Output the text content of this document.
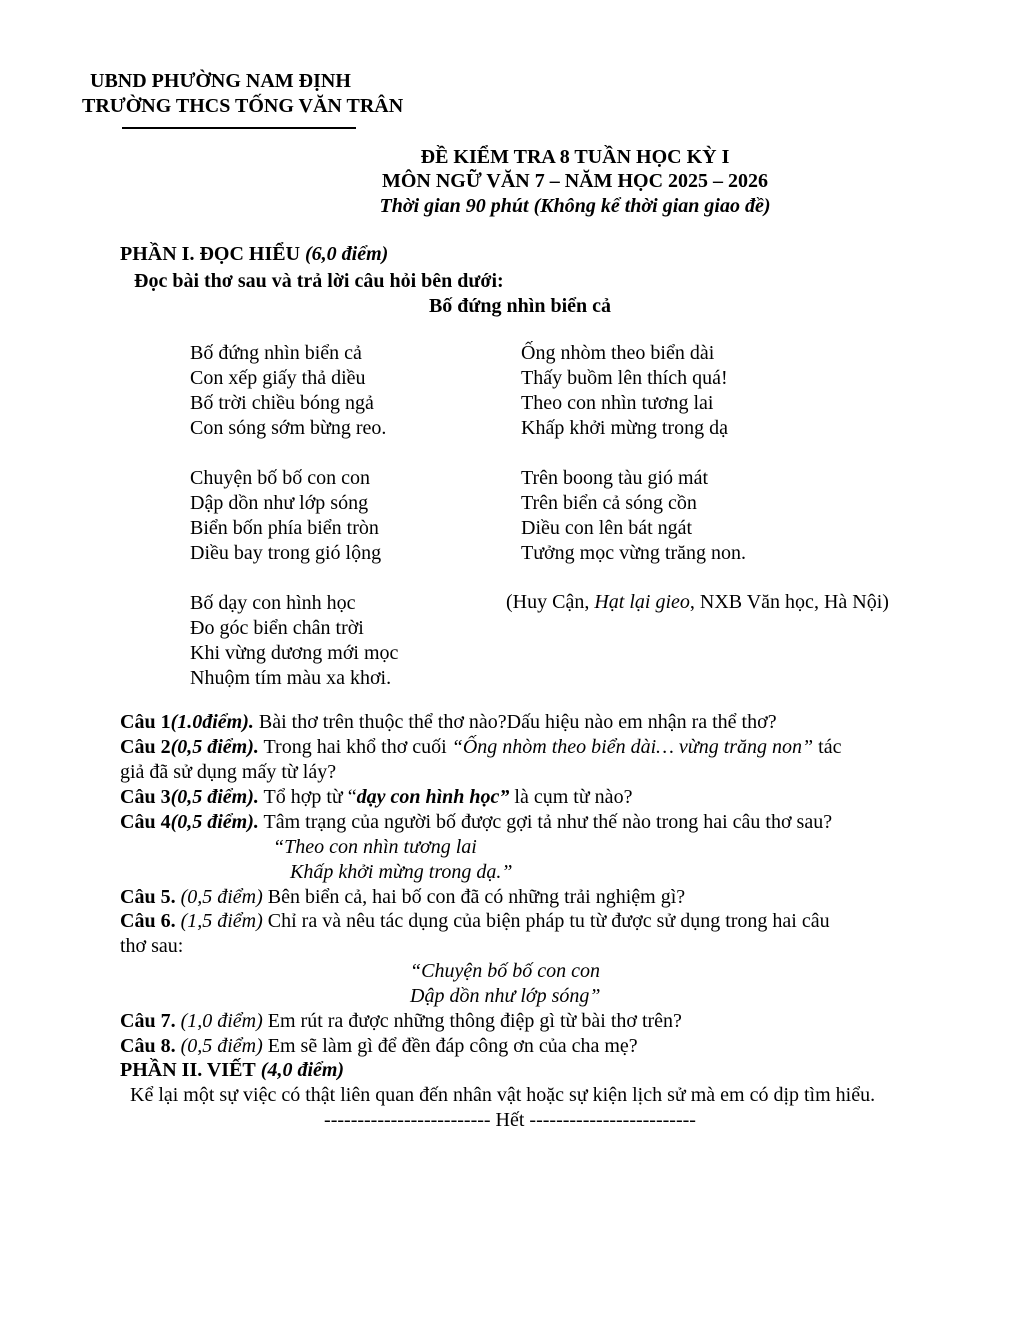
UBND PHƯỜNG NAM ĐỊNH
TRƯỜNG THCS TỐNG VĂN TRÂN
ĐỀ KIỂM TRA 8 TUẦN HỌC KỲ I
MÔN NGỮ VĂN 7 – NĂM HỌC 2025 – 2026
Thời gian 90 phút (Không kể thời gian giao đề)
PHẦN I. ĐỌC HIỂU (6,0 điểm)
Đọc bài thơ sau và trả lời câu hỏi bên dưới:
Bố đứng nhìn biển cả
Bố đứng nhìn biển cả
Con xếp giấy thả diều
Bố trời chiều bóng ngả
Con sóng sớm bừng reo.
Chuyện bố bố con con
Dập dồn như lớp sóng
Biển bốn phía biển tròn
Diều bay trong gió lộng
Bố dạy con hình học
Đo góc biển chân trời
Khi vừng dương mới mọc
Nhuộm tím màu xa khơi.
Ống nhòm theo biển dài
Thấy buồm lên thích quá!
Theo con nhìn tương lai
Khấp khởi mừng trong dạ
Trên boong tàu gió mát
Trên biển cả sóng cồn
Diều con lên bát ngát
Tưởng mọc vừng trăng non.
(Huy Cận, Hạt lại gieo, NXB Văn học, Hà Nội)
Câu 1(1.0điểm). Bài thơ trên thuộc thể thơ nào?Dấu hiệu nào em nhận ra thể thơ?
Câu 2(0,5 điểm). Trong hai khổ thơ cuối “Ống nhòm theo biển dài… vừng trăng non” tác
giả đã sử dụng mấy từ láy?
Câu 3(0,5 điểm). Tổ hợp từ “dạy con hình học” là cụm từ nào?
Câu 4(0,5 điểm). Tâm trạng của người bố được gợi tả như thế nào trong hai câu thơ sau?
“Theo con nhìn tương lai
Khấp khởi mừng trong dạ.”
Câu 5. (0,5 điểm) Bên biển cả, hai bố con đã có những trải nghiệm gì?
Câu 6. (1,5 điểm) Chỉ ra và nêu tác dụng của biện pháp tu từ được sử dụng trong hai câu
thơ sau:
“Chuyện bố bố con con
Dập dồn như lớp sóng”
Câu 7. (1,0 điểm) Em rút ra được những thông điệp gì từ bài thơ trên?
Câu 8. (0,5 điểm) Em sẽ làm gì để đền đáp công ơn của cha mẹ?
PHẦN II. VIẾT (4,0 điểm)
Kể lại một sự việc có thật liên quan đến nhân vật hoặc sự kiện lịch sử mà em có dịp tìm hiểu.
------------------------- Hết -------------------------
